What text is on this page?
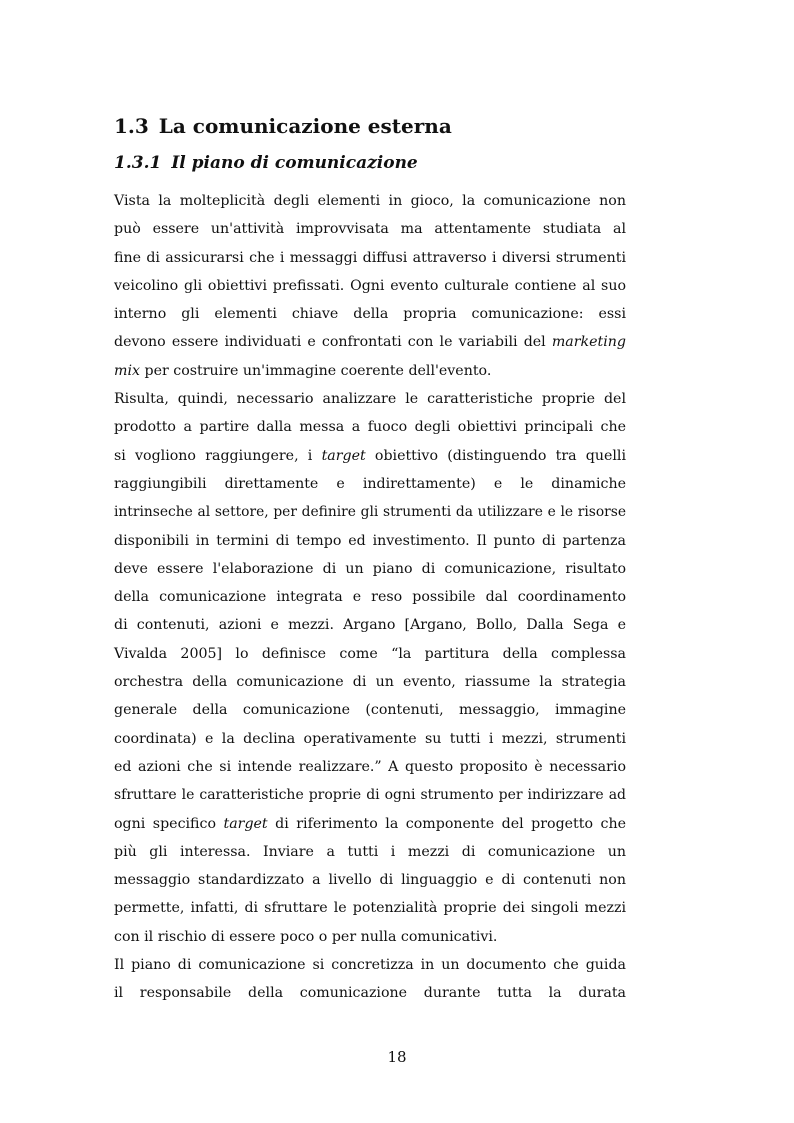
1.3 La comunicazione esterna
1.3.1 Il piano di comunicazione
Vista la molteplicità degli elementi in gioco, la comunicazione non
può essere un'attività improvvisata ma attentamente studiata al
fine di assicurarsi che i messaggi diffusi attraverso i diversi strumenti
veicolino gli obiettivi prefissati. Ogni evento culturale contiene al suo
interno gli elementi chiave della propria comunicazione: essi
devono essere individuati e confrontati con le variabili del marketing
mix per costruire un'immagine coerente dell'evento.
Risulta, quindi, necessario analizzare le caratteristiche proprie del
prodotto a partire dalla messa a fuoco degli obiettivi principali che
si vogliono raggiungere, i target obiettivo (distinguendo tra quelli
raggiungibili direttamente e indirettamente) e le dinamiche
intrinseche al settore, per definire gli strumenti da utilizzare e le risorse
disponibili in termini di tempo ed investimento. Il punto di partenza
deve essere l'elaborazione di un piano di comunicazione, risultato
della comunicazione integrata e reso possibile dal coordinamento
di contenuti, azioni e mezzi. Argano [Argano, Bollo, Dalla Sega e
Vivalda 2005] lo definisce come “la partitura della complessa
orchestra della comunicazione di un evento, riassume la strategia
generale della comunicazione (contenuti, messaggio, immagine
coordinata) e la declina operativamente su tutti i mezzi, strumenti
ed azioni che si intende realizzare.” A questo proposito è necessario
sfruttare le caratteristiche proprie di ogni strumento per indirizzare ad
ogni specifico target di riferimento la componente del progetto che
più gli interessa. Inviare a tutti i mezzi di comunicazione un
messaggio standardizzato a livello di linguaggio e di contenuti non
permette, infatti, di sfruttare le potenzialità proprie dei singoli mezzi
con il rischio di essere poco o per nulla comunicativi.
Il piano di comunicazione si concretizza in un documento che guida
il responsabile della comunicazione durante tutta la durata
18
